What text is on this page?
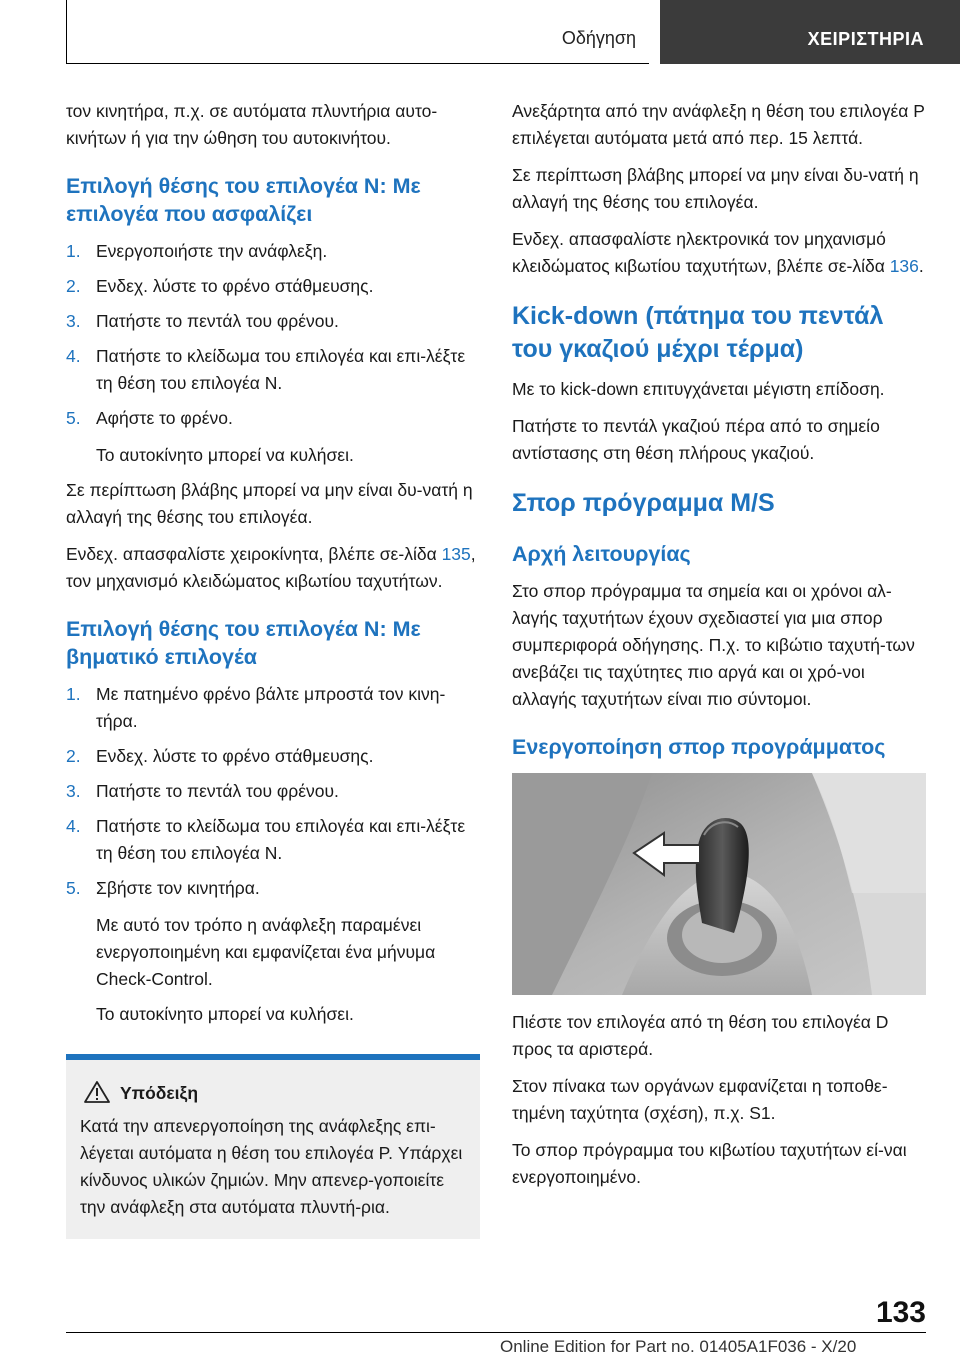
Οδήγηση	ΧΕΙΡΙΣΤΗΡΙΑ

τον κινητήρα, π.χ. σε αυτόματα πλυντήρια αυτο-κινήτων ή για την ώθηση του αυτοκινήτου.

Επιλογή θέσης του επιλογέα N: Με επιλογέα που ασφαλίζει
1. Ενεργοποιήστε την ανάφλεξη.
2. Ενδεχ. λύστε το φρένο στάθμευσης.
3. Πατήστε το πεντάλ του φρένου.
4. Πατήστε το κλείδωμα του επιλογέα και επι-λέξτε τη θέση του επιλογέα N.
5. Αφήστε το φρένο.

Το αυτοκίνητο μπορεί να κυλήσει.

Σε περίπτωση βλάβης μπορεί να μην είναι δυ-νατή η αλλαγή της θέσης του επιλογέα.

Ενδεχ. απασφαλίστε χειροκίνητα, βλέπε σε-λίδα 135, τον μηχανισμό κλειδώματος κιβωτίου ταχυτήτων.

Επιλογή θέσης του επιλογέα N: Με βηματικό επιλογέα
1. Με πατημένο φρένο βάλτε μπροστά τον κινη-τήρα.
2. Ενδεχ. λύστε το φρένο στάθμευσης.
3. Πατήστε το πεντάλ του φρένου.
4. Πατήστε το κλείδωμα του επιλογέα και επι-λέξτε τη θέση του επιλογέα N.
5. Σβήστε τον κινητήρα.

Με αυτό τον τρόπο η ανάφλεξη παραμένει ενεργοποιημένη και εμφανίζεται ένα μήνυμα Check-Control.

Το αυτοκίνητο μπορεί να κυλήσει.

Υπόδειξη
Κατά την απενεργοποίηση της ανάφλεξης επι-λέγεται αυτόματα η θέση του επιλογέα P. Υπάρχει κίνδυνος υλικών ζημιών. Μην απενερ-γοποιείτε την ανάφλεξη στα αυτόματα πλυντή-ρια.

Ανεξάρτητα από την ανάφλεξη η θέση του επιλογέα P επιλέγεται αυτόματα μετά από περ. 15 λεπτά.

Σε περίπτωση βλάβης μπορεί να μην είναι δυ-νατή η αλλαγή της θέσης του επιλογέα.

Ενδεχ. απασφαλίστε ηλεκτρονικά τον μηχανισμό κλειδώματος κιβωτίου ταχυτήτων, βλέπε σε-λίδα 136.

Kick-down (πάτημα του πεντάλ του γκαζιού μέχρι τέρμα)

Με το kick-down επιτυγχάνεται μέγιστη επίδοση.

Πατήστε το πεντάλ γκαζιού πέρα από το σημείο αντίστασης στη θέση πλήρους γκαζιού.

Σπορ πρόγραμμα M/S
Αρχή λειτουργίας

Στο σπορ πρόγραμμα τα σημεία και οι χρόνοι αλ-λαγής ταχυτήτων έχουν σχεδιαστεί για μια σπορ συμπεριφορά οδήγησης. Π.χ. το κιβώτιο ταχυτή-των ανεβάζει τις ταχύτητες πιο αργά και οι χρό-νοι αλλαγής ταχυτήτων είναι πιο σύντομοι.

Ενεργοποίηση σπορ προγράμματος

Πιέστε τον επιλογέα από τη θέση του επιλογέα D προς τα αριστερά.

Στον πίνακα των οργάνων εμφανίζεται η τοποθε-τημένη ταχύτητα (σχέση), π.χ. S1.

Το σπορ πρόγραμμα του κιβωτίου ταχυτήτων εί-ναι ενεργοποιημένο.

133
Online Edition for Part no. 01405A1F036 - X/20
